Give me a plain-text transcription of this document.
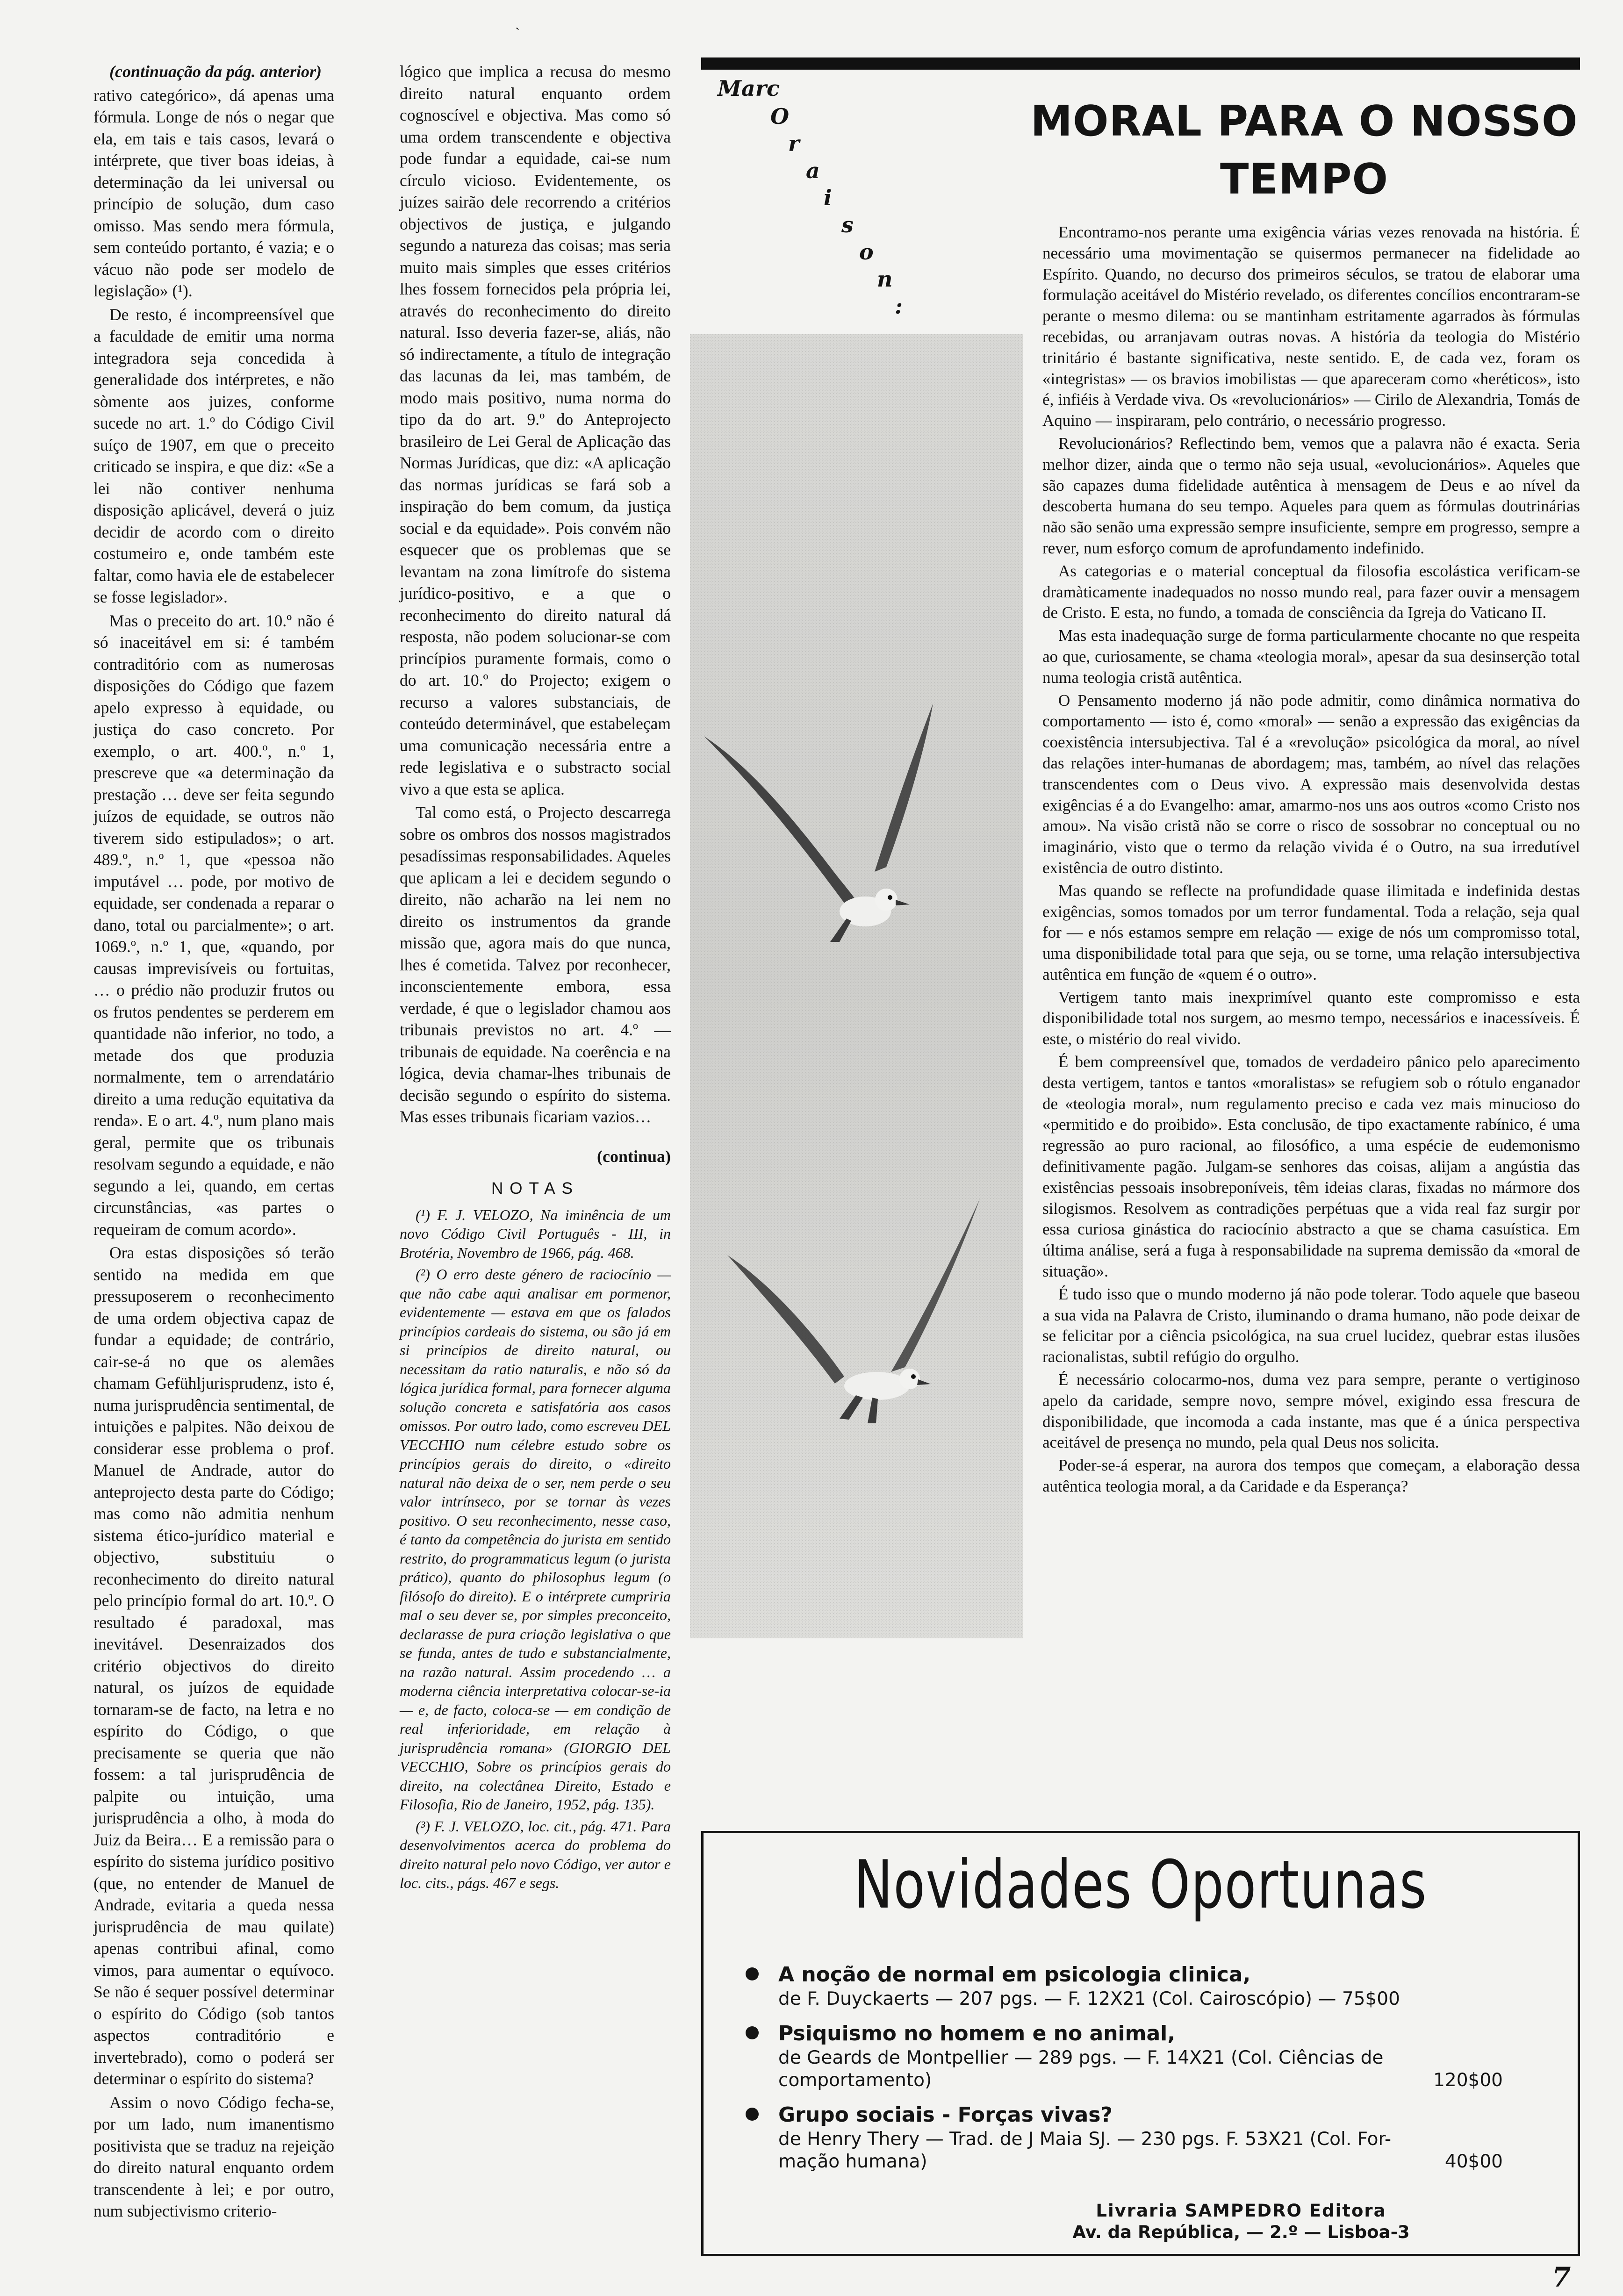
`

(continuação da pág. anterior)

rativo categórico», dá apenas uma fórmula. Longe de nós o negar que ela, em tais e tais casos, levará o intérprete, que tiver boas ideias, à determinação da lei universal ou princípio de solução, dum caso omisso. Mas sendo mera fórmula, sem conteúdo portanto, é vazia; e o vácuo não pode ser modelo de legislação» (¹).

De resto, é incompreensível que a faculdade de emitir uma norma integradora seja concedida à generalidade dos intérpretes, e não sòmente aos juizes, conforme sucede no art. 1.º do Código Civil suíço de 1907, em que o preceito criticado se inspira, e que diz: «Se a lei não contiver nenhuma disposição aplicável, deverá o juiz decidir de acordo com o direito costumeiro e, onde também este faltar, como havia ele de estabelecer se fosse legislador».

Mas o preceito do art. 10.º não é só inaceitável em si: é também contraditório com as numerosas disposições do Código que fazem apelo expresso à equidade, ou justiça do caso concreto. Por exemplo, o art. 400.º, n.º 1, prescreve que «a determinação da prestação … deve ser feita segundo juízos de equidade, se outros não tiverem sido estipulados»; o art. 489.º, n.º 1, que «pessoa não imputável … pode, por motivo de equidade, ser condenada a reparar o dano, total ou parcialmente»; o art. 1069.º, n.º 1, que, «quando, por causas imprevisíveis ou fortuitas, … o prédio não produzir frutos ou os frutos pendentes se perderem em quantidade não inferior, no todo, a metade dos que produzia normalmente, tem o arrendatário direito a uma redução equitativa da renda». E o art. 4.º, num plano mais geral, permite que os tribunais resolvam segundo a equidade, e não segundo a lei, quando, em certas circunstâncias, «as partes o requeiram de comum acordo».

Ora estas disposições só terão sentido na medida em que pressuposerem o reconhecimento de uma ordem objectiva capaz de fundar a equidade; de contrário, cair-se-á no que os alemães chamam Gefühljurisprudenz, isto é, numa jurisprudência sentimental, de intuições e palpites. Não deixou de considerar esse problema o prof. Manuel de Andrade, autor do anteprojecto desta parte do Código; mas como não admitia nenhum sistema ético-jurídico material e objectivo, substituiu o reconhecimento do direito natural pelo princípio formal do art. 10.º. O resultado é paradoxal, mas inevitável. Desenraizados dos critério objectivos do direito natural, os juízos de equidade tornaram-se de facto, na letra e no espírito do Código, o que precisamente se queria que não fossem: a tal jurisprudência de palpite ou intuição, uma jurisprudência a olho, à moda do Juiz da Beira… E a remissão para o espírito do sistema jurídico positivo (que, no entender de Manuel de Andrade, evitaria a queda nessa jurisprudência de mau quilate) apenas contribui afinal, como vimos, para aumentar o equívoco. Se não é sequer possível determinar o espírito do Código (sob tantos aspectos contraditório e invertebrado), como o poderá ser determinar o espírito do sistema?

Assim o novo Código fecha-se, por um lado, num imanentismo positivista que se traduz na rejeição do direito natural enquanto ordem transcendente à lei; e por outro, num subjectivismo criterio-

lógico que implica a recusa do mesmo direito natural enquanto ordem cognoscível e objectiva. Mas como só uma ordem transcendente e objectiva pode fundar a equidade, cai-se num círculo vicioso. Evidentemente, os juízes sairão dele recorrendo a critérios objectivos de justiça, e julgando segundo a natureza das coisas; mas seria muito mais simples que esses critérios lhes fossem fornecidos pela própria lei, através do reconhecimento do direito natural. Isso deveria fazer-se, aliás, não só indirectamente, a título de integração das lacunas da lei, mas também, de modo mais positivo, numa norma do tipo da do art. 9.º do Anteprojecto brasileiro de Lei Geral de Aplicação das Normas Jurídicas, que diz: «A aplicação das normas jurídicas se fará sob a inspiração do bem comum, da justiça social e da equidade». Pois convém não esquecer que os problemas que se levantam na zona limítrofe do sistema jurídico-positivo, e a que o reconhecimento do direito natural dá resposta, não podem solucionar-se com princípios puramente formais, como o do art. 10.º do Projecto; exigem o recurso a valores substanciais, de conteúdo determinável, que estabeleçam uma comunicação necessária entre a rede legislativa e o substracto social vivo a que esta se aplica.

Tal como está, o Projecto descarrega sobre os ombros dos nossos magistrados pesadíssimas responsabilidades. Aqueles que aplicam a lei e decidem segundo o direito, não acharão na lei nem no direito os instrumentos da grande missão que, agora mais do que nunca, lhes é cometida. Talvez por reconhecer, inconscientemente embora, essa verdade, é que o legislador chamou aos tribunais previstos no art. 4.º — tribunais de equidade. Na coerência e na lógica, devia chamar-lhes tribunais de decisão segundo o espírito do sistema. Mas esses tribunais ficariam vazios…

(continua)
NOTAS

(¹) F. J. VELOZO, Na iminência de um novo Código Civil Português - III, in Brotéria, Novembro de 1966, pág. 468.

(²) O erro deste género de raciocínio — que não cabe aqui analisar em pormenor, evidentemente — estava em que os falados princípios cardeais do sistema, ou são já em si princípios de direito natural, ou necessitam da ratio naturalis, e não só da lógica jurídica formal, para fornecer alguma solução concreta e satisfatória aos casos omissos. Por outro lado, como escreveu DEL VECCHIO num célebre estudo sobre os princípios gerais do direito, o «direito natural não deixa de o ser, nem perde o seu valor intrínseco, por se tornar às vezes positivo. O seu reconhecimento, nesse caso, é tanto da competência do jurista em sentido restrito, do programmaticus legum (o jurista prático), quanto do philosophus legum (o filósofo do direito). E o intérprete cumpriria mal o seu dever se, por simples preconceito, declarasse de pura criação legislativa o que se funda, antes de tudo e substancialmente, na razão natural. Assim procedendo … a moderna ciência interpretativa colocar-se-ia — e, de facto, coloca-se — em condição de real inferioridade, em relação à jurisprudência romana» (GIORGIO DEL VECCHIO, Sobre os princípios gerais do direito, na colectânea Direito, Estado e Filosofia, Rio de Janeiro, 1952, pág. 135).

(³) F. J. VELOZO, loc. cit., pág. 471. Para desenvolvimentos acerca do problema do direito natural pelo novo Código, ver autor e loc. cits., págs. 467 e segs.

Marc
O
r
a
i
s
o
n
:
MORAL PARA O NOSSO TEMPO

Encontramo-nos perante uma exigência várias vezes renovada na história. É necessário uma movimentação se quisermos permanecer na fidelidade ao Espírito. Quando, no decurso dos primeiros séculos, se tratou de elaborar uma formulação aceitável do Mistério revelado, os diferentes concílios encontraram-se perante o mesmo dilema: ou se mantinham estritamente agarrados às fórmulas recebidas, ou arranjavam outras novas. A história da teologia do Mistério trinitário é bastante significativa, neste sentido. E, de cada vez, foram os «integristas» — os bravios imobilistas — que apareceram como «heréticos», isto é, infiéis à Verdade viva. Os «revolucionários» — Cirilo de Alexandria, Tomás de Aquino — inspiraram, pelo contrário, o necessário progresso.

Revolucionários? Reflectindo bem, vemos que a palavra não é exacta. Seria melhor dizer, ainda que o termo não seja usual, «evolucionários». Aqueles que são capazes duma fidelidade autêntica à mensagem de Deus e ao nível da descoberta humana do seu tempo. Aqueles para quem as fórmulas doutrinárias não são senão uma expressão sempre insuficiente, sempre em progresso, sempre a rever, num esforço comum de aprofundamento indefinido.

As categorias e o material conceptual da filosofia escolástica verificam-se dramàticamente inadequados no nosso mundo real, para fazer ouvir a mensagem de Cristo. E esta, no fundo, a tomada de consciência da Igreja do Vaticano II.

Mas esta inadequação surge de forma particularmente chocante no que respeita ao que, curiosamente, se chama «teologia moral», apesar da sua desinserção total numa teologia cristã autêntica.

O Pensamento moderno já não pode admitir, como dinâmica normativa do comportamento — isto é, como «moral» — senão a expressão das exigências da coexistência intersubjectiva. Tal é a «revolução» psicológica da moral, ao nível das relações inter-humanas de abordagem; mas, também, ao nível das relações transcendentes com o Deus vivo. A expressão mais desenvolvida destas exigências é a do Evangelho: amar, amarmo-nos uns aos outros «como Cristo nos amou». Na visão cristã não se corre o risco de sossobrar no conceptual ou no imaginário, visto que o termo da relação vivida é o Outro, na sua irredutível existência de outro distinto.

Mas quando se reflecte na profundidade quase ilimitada e indefinida destas exigências, somos tomados por um terror fundamental. Toda a relação, seja qual for — e nós estamos sempre em relação — exige de nós um compromisso total, uma disponibilidade total para que seja, ou se torne, uma relação intersubjectiva autêntica em função de «quem é o outro».

Vertigem tanto mais inexprimível quanto este compromisso e esta disponibilidade total nos surgem, ao mesmo tempo, necessários e inacessíveis. É este, o mistério do real vivido.

É bem compreensível que, tomados de verdadeiro pânico pelo aparecimento desta vertigem, tantos e tantos «moralistas» se refugiem sob o rótulo enganador de «teologia moral», num regulamento preciso e cada vez mais minucioso do «permitido e do proibido». Esta conclusão, de tipo exactamente rabínico, é uma regressão ao puro racional, ao filosófico, a uma espécie de eudemonismo definitivamente pagão. Julgam-se senhores das coisas, alijam a angústia das existências pessoais insobreponíveis, têm ideias claras, fixadas no mármore dos silogismos. Resolvem as contradições perpétuas que a vida real faz surgir por essa curiosa ginástica do raciocínio abstracto a que se chama casuística. Em última análise, será a fuga à responsabilidade na suprema demissão da «moral de situação».

É tudo isso que o mundo moderno já não pode tolerar. Todo aquele que baseou a sua vida na Palavra de Cristo, iluminando o drama humano, não pode deixar de se felicitar por a ciência psicológica, na sua cruel lucidez, quebrar estas ilusões racionalistas, subtil refúgio do orgulho.

É necessário colocarmo-nos, duma vez para sempre, perante o vertiginoso apelo da caridade, sempre novo, sempre móvel, exigindo essa frescura de disponibilidade, que incomoda a cada instante, mas que é a única perspectiva aceitável de presença no mundo, pela qual Deus nos solicita.

Poder-se-á esperar, na aurora dos tempos que começam, a elaboração dessa autêntica teologia moral, a da Caridade e da Esperança?

Novidades Oportunas
A noção de normal em psicologia clinica,
de F. Duyckaerts — 207 pgs. — F. 12X21 (Col. Cairoscópio) — 75$00
Psiquismo no homem e no animal,
de Geards de Montpellier — 289 pgs. — F. 14X21 (Col. Ciências de
comportamento)	120$00
Grupo sociais - Forças vivas?
de Henry Thery — Trad. de J Maia SJ. — 230 pgs. F. 53X21 (Col. For-
mação humana)	40$00
Livraria SAMPEDRO Editora
Av. da República, — 2.º — Lisboa-3
7
